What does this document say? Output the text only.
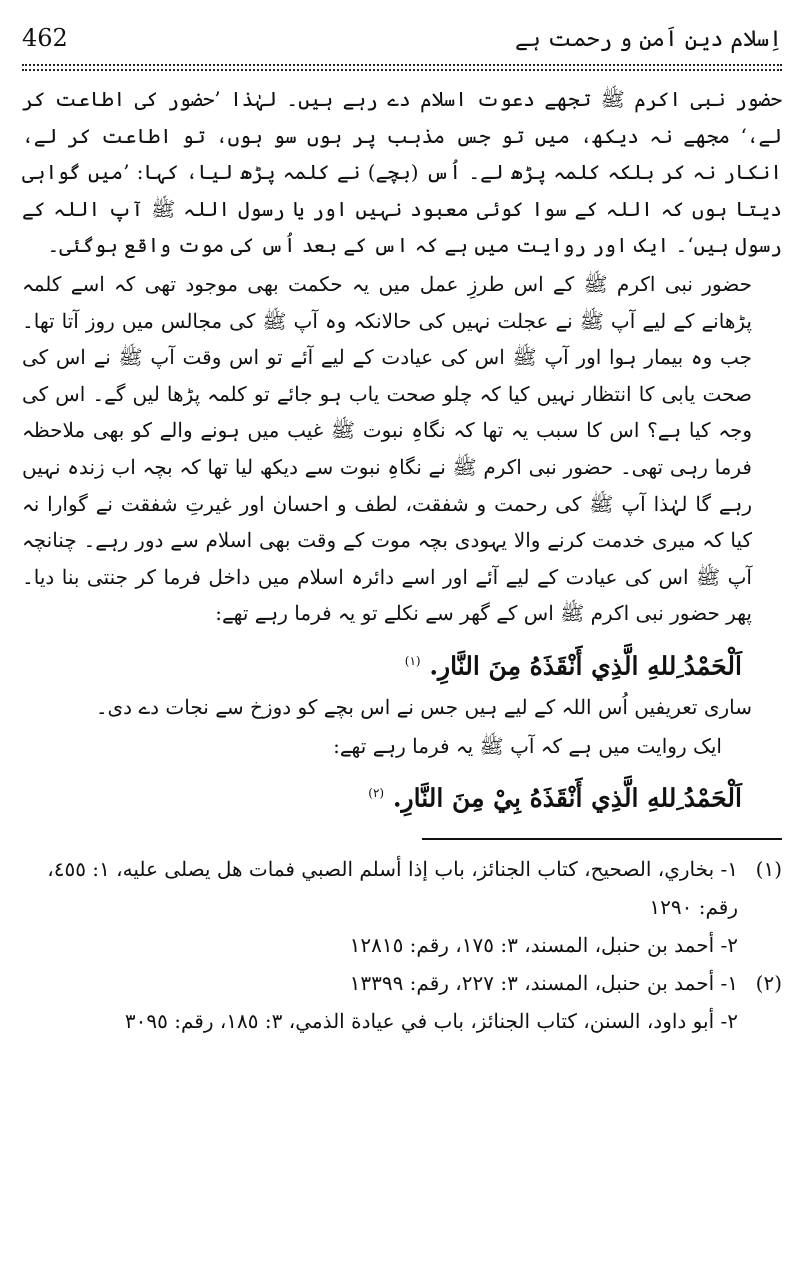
اِسلام دینِ اَمن و رحمت ہے
462

حضور نبی اکرم ﷺ تجھے دعوت اسلام دے رہے ہیں۔ لہٰذا ’حضور کی اطاعت کر لے،‘ مجھے نہ دیکھ، میں تو جس مذہب پر ہوں سو ہوں، تو اطاعت کر لے، انکار نہ کر بلکہ کلمہ پڑھ لے۔ اُس (بچے) نے کلمہ پڑھ لیا، کہا: ’میں گواہی دیتا ہوں کہ اللہ کے سوا کوئی معبود نہیں اور یا رسول اللہ ﷺ آپ اللہ کے رسول ہیں‘۔ ایک اور روایت میں ہے کہ اس کے بعد اُس کی موت واقع ہوگئی۔

حضور نبی اکرم ﷺ کے اس طرزِ عمل میں یہ حکمت بھی موجود تھی کہ اسے کلمہ پڑھانے کے لیے آپ ﷺ نے عجلت نہیں کی حالانکہ وہ آپ ﷺ کی مجالس میں روز آتا تھا۔ جب وہ بیمار ہوا اور آپ ﷺ اس کی عیادت کے لیے آئے تو اس وقت آپ ﷺ نے اس کی صحت یابی کا انتظار نہیں کیا کہ چلو صحت یاب ہو جائے تو کلمہ پڑھا لیں گے۔ اس کی وجہ کیا ہے؟ اس کا سبب یہ تھا کہ نگاہِ نبوت ﷺ غیب میں ہونے والے کو بھی ملاحظہ فرما رہی تھی۔ حضور نبی اکرم ﷺ نے نگاہِ نبوت سے دیکھ لیا تھا کہ بچہ اب زندہ نہیں رہے گا لہٰذا آپ ﷺ کی رحمت و شفقت، لطف و احسان اور غیرتِ شفقت نے گوارا نہ کیا کہ میری خدمت کرنے والا یہودی بچہ موت کے وقت بھی اسلام سے دور رہے۔ چنانچہ آپ ﷺ اس کی عیادت کے لیے آئے اور اسے دائرہ اسلام میں داخل فرما کر جنتی بنا دیا۔ پھر حضور نبی اکرم ﷺ اس کے گھر سے نکلے تو یہ فرما رہے تھے:

اَلْحَمْدُ ِللهِ الَّذِي أَنْقَذَهُ مِنَ النَّارِ. $^{(١)}$

ساری تعریفیں اُس اللہ کے لیے ہیں جس نے اس بچے کو دوزخ سے نجات دے دی۔

ایک روایت میں ہے کہ آپ ﷺ یہ فرما رہے تھے:

اَلْحَمْدُ ِللهِ الَّذِي أَنْقَذَهُ بِيْ مِنَ النَّارِ. $^{(٢)}$
(١)
١- بخاري، الصحيح، كتاب الجنائز، باب إذا أسلم الصبي فمات هل يصلى عليه، ١: ٤٥٥، رقم: ١٢٩٠
٢- أحمد بن حنبل، المسند، ٣: ١٧٥، رقم: ١٢٨١٥
(٢)
١- أحمد بن حنبل، المسند، ٣: ٢٢٧، رقم: ١٣٣٩٩
٢- أبو داود، السنن، كتاب الجنائز، باب في عيادة الذمي، ٣: ١٨٥، رقم: ٣٠٩٥
